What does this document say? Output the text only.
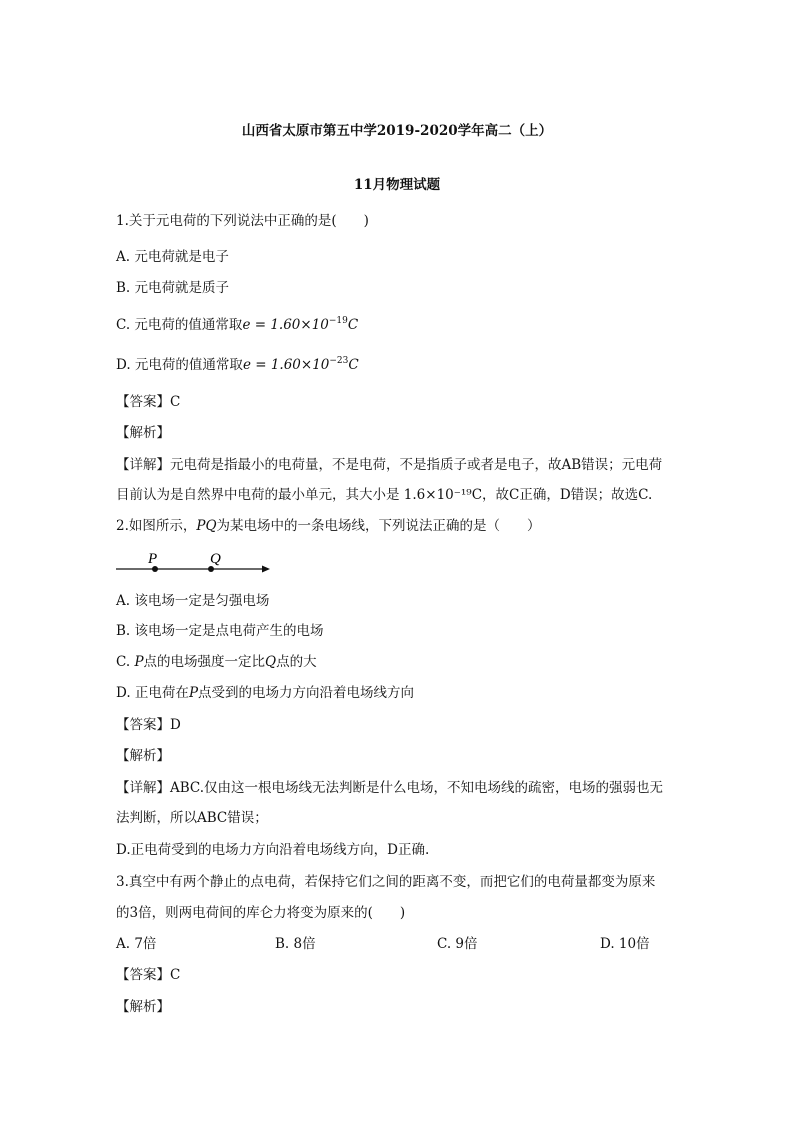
山西省太原市第五中学2019-2020学年高二（上）
11月物理试题
1.关于元电荷的下列说法中正确的是(　　)
A. 元电荷就是电子
B. 元电荷就是质子
C. 元电荷的值通常取$e = 1.60\times 10^{-19}C$
D. 元电荷的值通常取$e = 1.60\times 10^{-23}C$
【答案】C
【解析】
【详解】元电荷是指最小的电荷量，不是电荷，不是指质子或者是电子，故AB错误；元电荷
目前认为是自然界中电荷的最小单元，其大小是 1.6×10⁻¹⁹C，故C正确，D错误；故选C.
2.如图所示，PQ为某电场中的一条电场线，下列说法正确的是（　　）
P	Q
A. 该电场一定是匀强电场
B. 该电场一定是点电荷产生的电场
C. P点的电场强度一定比Q点的大
D. 正电荷在P点受到的电场力方向沿着电场线方向
【答案】D
【解析】
【详解】ABC.仅由这一根电场线无法判断是什么电场，不知电场线的疏密，电场的强弱也无
法判断，所以ABC错误；
D.正电荷受到的电场力方向沿着电场线方向，D正确.
3.真空中有两个静止的点电荷，若保持它们之间的距离不变，而把它们的电荷量都变为原来
的3倍，则两电荷间的库仑力将变为原来的(　　)
A. 7倍	B. 8倍	C. 9倍	D. 10倍
【答案】C
【解析】
